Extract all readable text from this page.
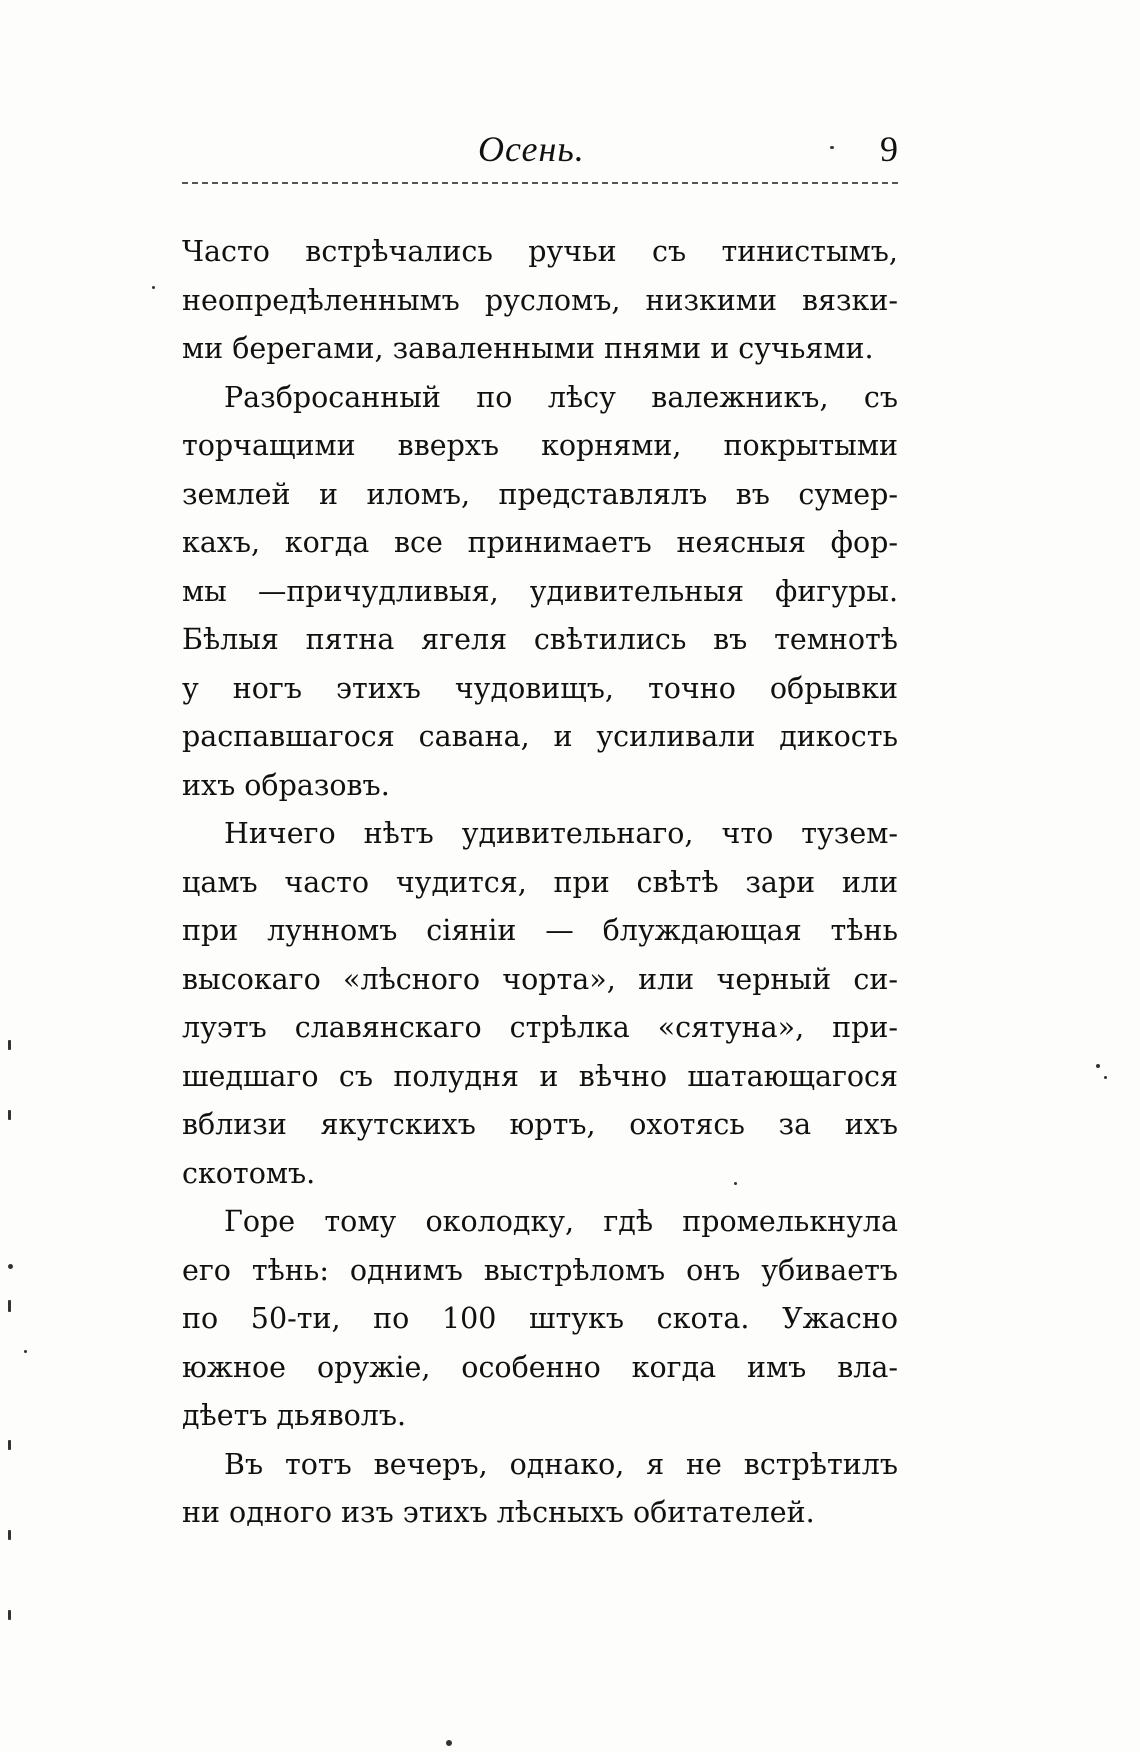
Осень.	9
Часто встрѣчались ручьи съ тинистымъ,
неопредѣленнымъ русломъ, низкими вязки-
ми берегами, заваленными пнями и сучьями.
Разбросанный по лѣсу валежникъ, съ
торчащими вверхъ корнями, покрытыми
землей и иломъ, представлялъ въ сумер-
кахъ, когда все принимаетъ неясныя фор-
мы —причудливыя, удивительныя фигуры.
Бѣлыя пятна ягеля свѣтились въ темнотѣ
у ногъ этихъ чудовищъ, точно обрывки
распавшагося савана, и усиливали дикость
ихъ образовъ.
Ничего нѣтъ удивительнаго, что тузем-
цамъ часто чудится, при свѣтѣ зари или
при лунномъ сіяніи — блуждающая тѣнь
высокаго «лѣсного чорта», или черный си-
луэтъ славянскаго стрѣлка «сятуна», при-
шедшаго съ полудня и вѣчно шатающагося
вблизи якутскихъ юртъ, охотясь за ихъ
скотомъ.
Горе тому околодку, гдѣ промелькнула
его тѣнь: однимъ выстрѣломъ онъ убиваетъ
по 50-ти, по 100 штукъ скота. Ужасно
южное оружіе, особенно когда имъ вла-
дѣетъ дьяволъ.
Въ тотъ вечеръ, однако, я не встрѣтилъ
ни одного изъ этихъ лѣсныхъ обитателей.
